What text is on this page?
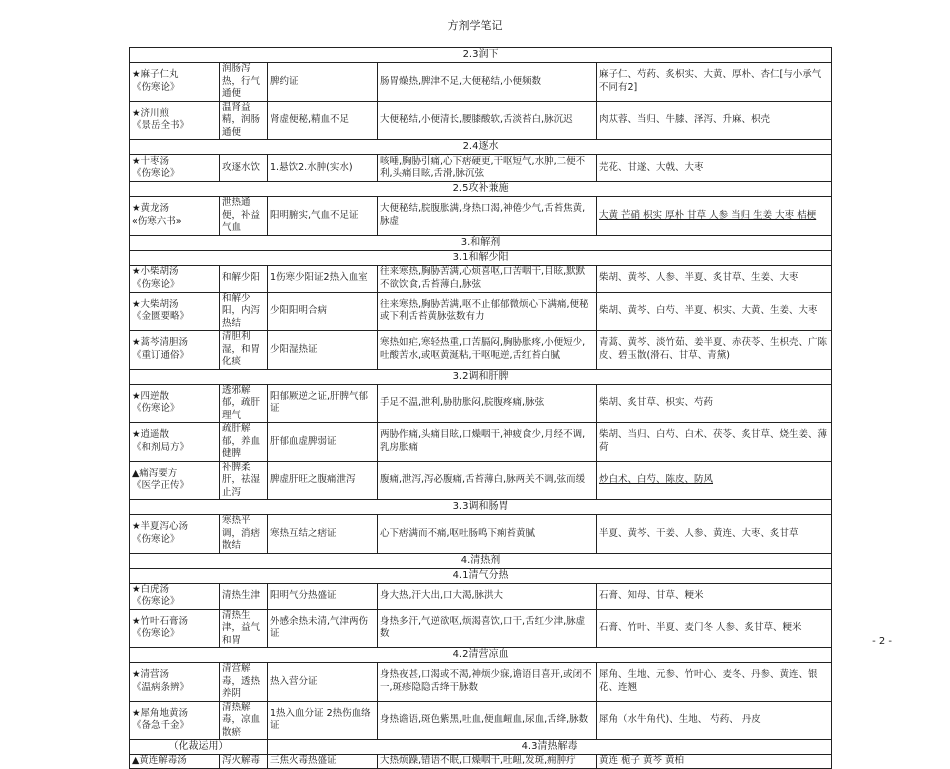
方剂学笔记
2.3润下				
★麻子仁丸
《伤寒论》	润肠泻热，行气通便	脾约证	肠胃燥热,脾津不足,大便秘结,小便频数	麻子仁、芍药、炙枳实、大黄、厚朴、杏仁[与小承气不同有2]
★济川煎
《景岳全书》	温肾益精，润肠通便	肾虚便秘,精血不足	大便秘结,小便清长,腰膝酸软,舌淡苔白,脉沉迟	肉苁蓉、当归、牛膝、泽泻、升麻、枳壳
2.4逐水				
★十枣汤
《伤寒论》	攻逐水饮	1.悬饮2.水肿(实水)	咳唾,胸胁引痛,心下痞硬更,干呕短气,水肿,二便不利,头痛目眩,舌滑,脉沉弦	芫花、甘遂、大戟、大枣
2.5攻补兼施				
★黄龙汤
«伤寒六书»	泄热通便，补益气血	阳明腑实,气血不足证	大便秘结,脘腹胀满,身热口渴,神倦少气,舌苔焦黄,脉虚	大黄 芒硝 枳实 厚朴 甘草 人参 当归 生姜 大枣 桔梗
3.和解剂				
3.1和解少阳				
★小柴胡汤
《伤寒论》	和解少阳	1伤寒少阳证2热入血室	往来寒热,胸胁苦满,心烦喜呕,口苦咽干,目眩,默默不欲饮食,舌苔薄白,脉弦	柴胡、黄芩、人参、半夏、炙甘草、生姜、大枣
★大柴胡汤
《金匮要略》	和解少阳，内泻热结	少阳阳明合病	往来寒热,胸胁苦满,呕不止郁郁微烦心下满痛,便秘或下利舌苔黄脉弦数有力	柴胡、黄芩、白芍、半夏、枳实、大黄、生姜、大枣
★蒿芩清胆汤
《重订通俗》	清胆利湿，和胃化痰	少阳湿热证	寒热如疟,寒轻热重,口苦膈闷,胸胁胀疼,小便短少,吐酸苦水,或呕黄涎粘,干呕呃逆,舌红苔白腻	青蒿、黄芩、淡竹茹、姜半夏、赤茯苓、生枳壳、广陈皮、碧玉散(滑石、甘草、青黛)
3.2调和肝脾				
★四逆散
《伤寒论》	透邪解郁，疏肝理气	阳郁厥逆之证,肝脾气郁证	手足不温,泄利,胁肋胀闷,脘腹疼痛,脉弦	柴胡、炙甘草、枳实、芍药
★逍遥散
《和剂局方》	疏肝解郁，养血健脾	肝郁血虚脾弱证	两胁作痛,头痛目眩,口燥咽干,神疲食少,月经不调,乳房胀痛	柴胡、当归、白芍、白术、茯苓、炙甘草、烧生姜、薄荷
▲痛泻要方
《医学正传》	补脾柔肝，祛湿止泻	脾虚肝旺之腹痛泄泻	腹痛,泄泻,泻必腹痛,舌苔薄白,脉两关不调,弦而缓	炒白术、白芍、陈皮、防风
3.3调和肠胃				
★半夏泻心汤
《伤寒论》	寒热平调，消痞散结	寒热互结之痞证	心下痞满而不痛,呕吐肠鸣下痢苔黄腻	半夏、黄芩、干姜、人参、黄连、大枣、炙甘草
4.清热剂				
4.1清气分热				
★白虎汤
《伤寒论》	清热生津	阳明气分热盛证	身大热,汗大出,口大渴,脉洪大	石膏、知母、甘草、粳米
★竹叶石膏汤
《伤寒论》	清热生津，益气和胃	外感余热未清,气津两伤证	身热多汗,气逆欲呕,烦渴喜饮,口干,舌红少津,脉虚数	石膏、竹叶、半夏、麦门冬 人参、炙甘草、粳米
4.2清营凉血				
★清营汤
《温病条辨》	清营解毒，透热养阴	热入营分证	身热夜甚,口渴或不渴,神烦少寐,谵语目喜开,或闭不一,斑疹隐隐舌绛干脉数	犀角、生地、元参、竹叶心、麦冬、丹参、黄连、银花、连翘
★犀角地黄汤
《备急千金》	清热解毒，凉血散瘀	1热入血分证 2热伤血络证	身热谵语,斑色紫黑,吐血,便血衄血,尿血,舌绛,脉数	犀角（水牛角代)、生地、 芍药、 丹皮
（化裁运用）		4.3清热解毒		
▲黄连解毒汤	泻火解毒	三焦火毒热盛证	大热烦躁,错语不眠,口燥咽干,吐衄,发斑,痈肿疔	黄连 栀子 黄芩 黄柏
- 2 -
